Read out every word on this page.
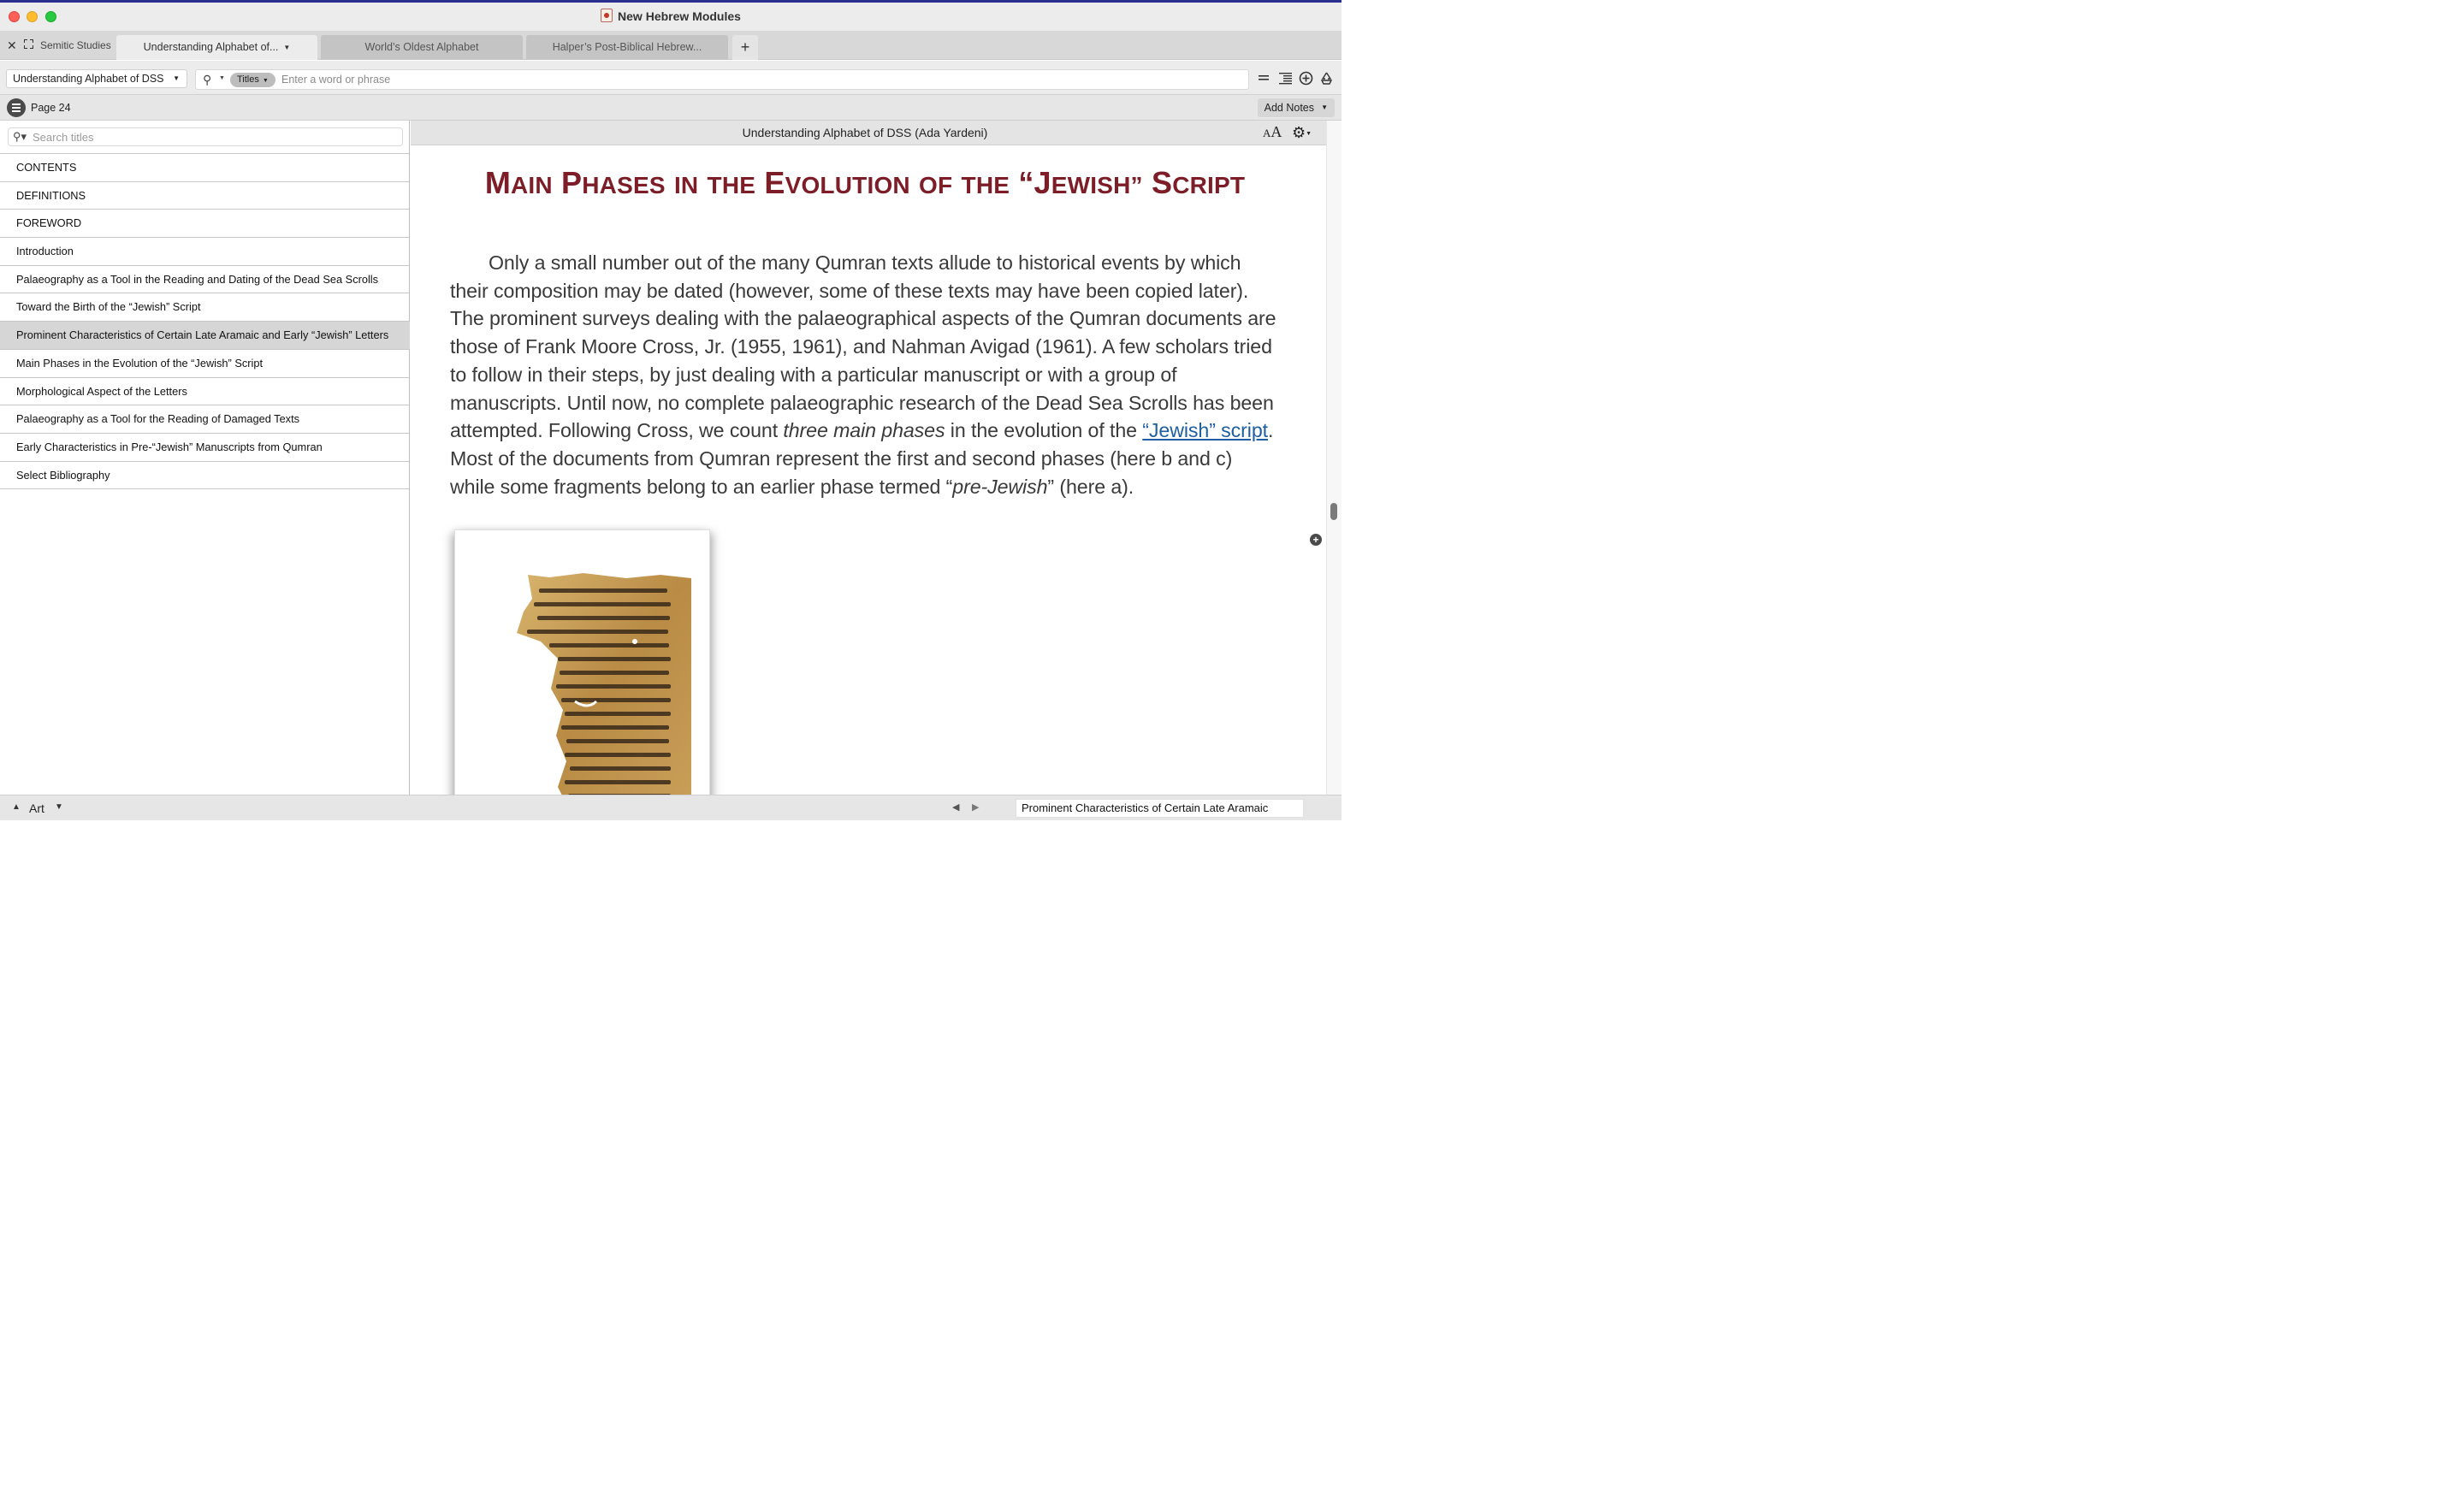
New Hebrew Modules
✕ Semitic Studies	Understanding Alphabet of... ▼	World’s Oldest Alphabet	Halper’s Post-Biblical Hebrew...	+
Understanding Alphabet of DSS ▼ ⚲ ▼	Titles ▼
Enter a word or phrase
Page 24	Add Notes ▼
⚲▾
Search titles
CONTENTS
DEFINITIONS
FOREWORD
Introduction
Palaeography as a Tool in the Reading and Dating of the Dead Sea Scrolls
Toward the Birth of the “Jewish” Script
Prominent Characteristics of Certain Late Aramaic and Early “Jewish” Letters
Main Phases in the Evolution of the “Jewish” Script
Morphological Aspect of the Letters
Palaeography as a Tool for the Reading of Damaged Texts
Early Characteristics in Pre-“Jewish” Manuscripts from Qumran
Select Bibliography
Understanding Alphabet of DSS (Ada Yardeni)	AA ⚙▼
MAIN PHASES IN THE EVOLUTION OF THE “JEWISH” SCRIPT

Only a small number out of the many Qumran texts allude to historical events by which their composition may be dated (however, some of these texts may have been copied later). The prominent surveys dealing with the palaeographical aspects of the Qumran documents are those of Frank Moore Cross, Jr. (1955, 1961), and Nahman Avigad (1961). A few scholars tried to follow in their steps, by just dealing with a particular manuscript or with a group of manuscripts. Until now, no complete palaeographic research of the Dead Sea Scrolls has been attempted. Following Cross, we count three main phases in the evolution of the “Jewish” script. Most of the documents from Qumran represent the first and second phases (here b and c) while some fragments belong to an earlier phase termed “pre-Jewish” (here a).

+
▲ Art ▼	◀ ▶	Prominent Characteristics of Certain Late Aramaic
